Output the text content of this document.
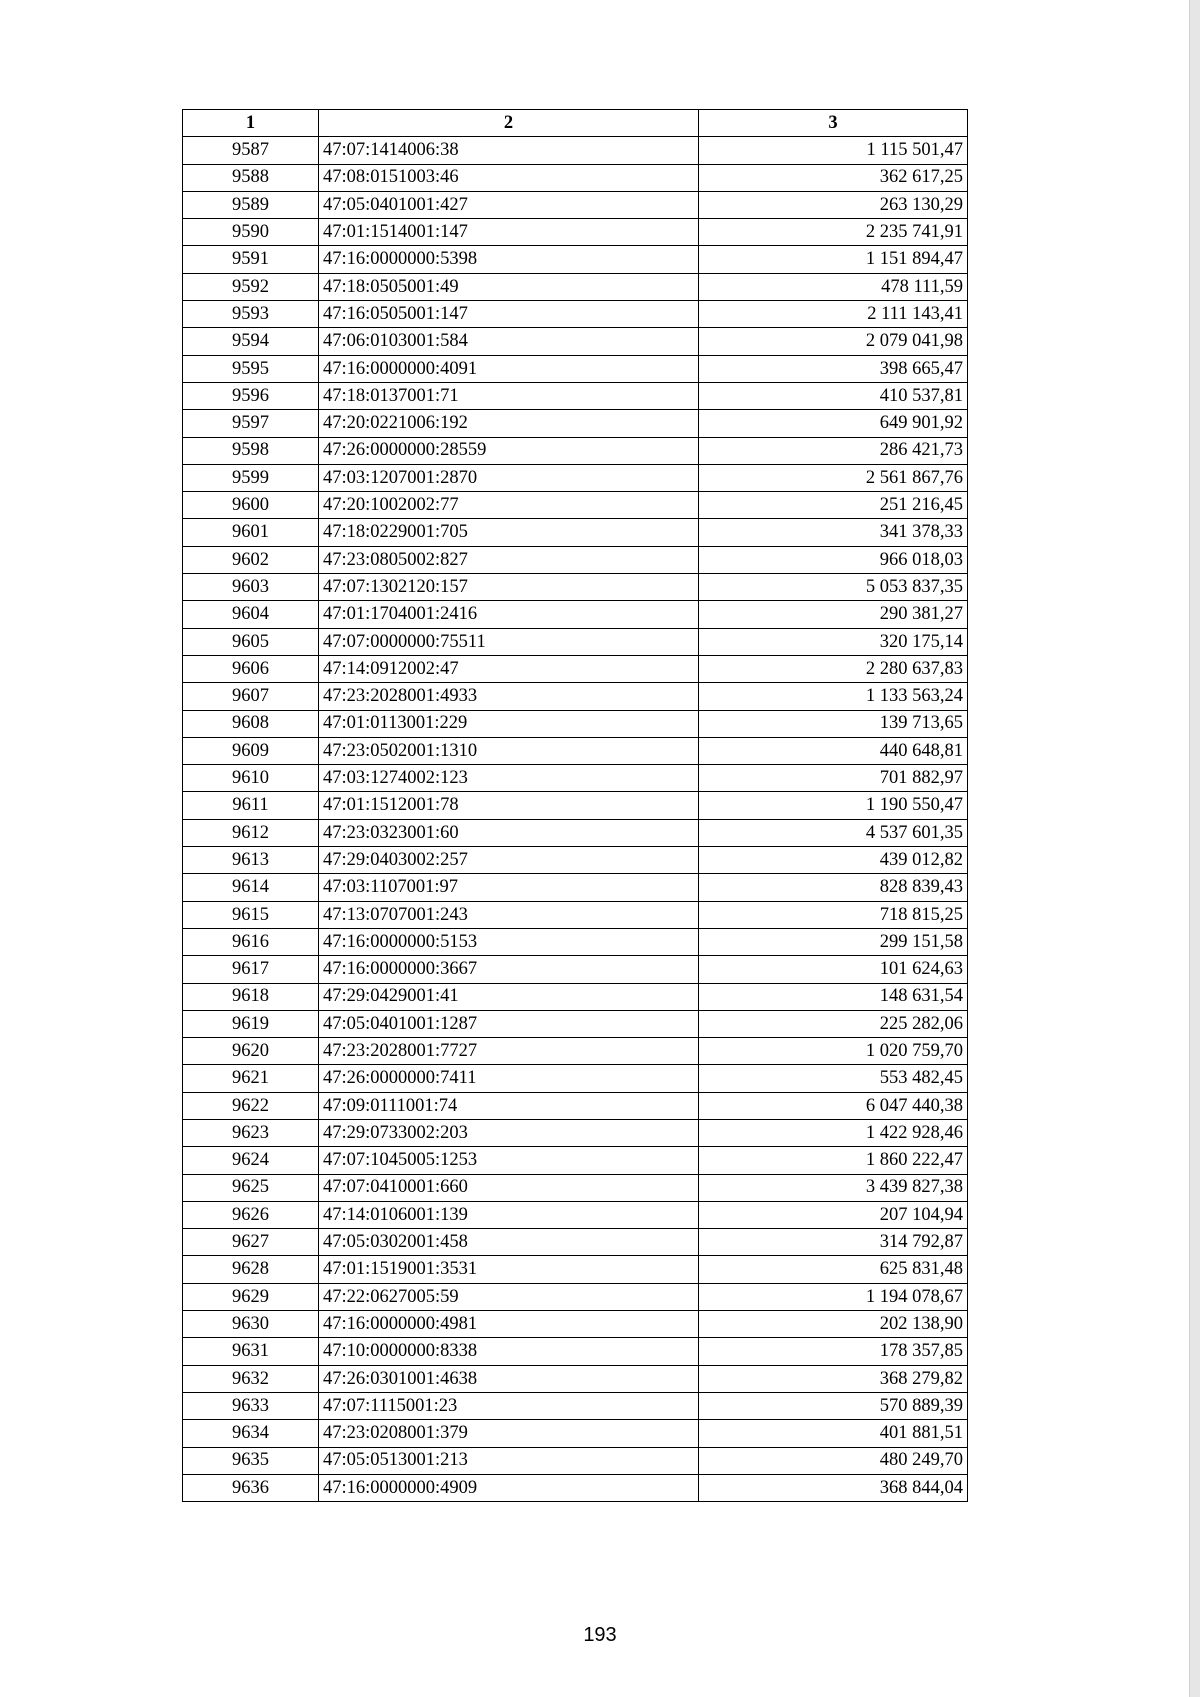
1	2	3
9587	47:07:1414006:38	1 115 501,47
9588	47:08:0151003:46	362 617,25
9589	47:05:0401001:427	263 130,29
9590	47:01:1514001:147	2 235 741,91
9591	47:16:0000000:5398	1 151 894,47
9592	47:18:0505001:49	478 111,59
9593	47:16:0505001:147	2 111 143,41
9594	47:06:0103001:584	2 079 041,98
9595	47:16:0000000:4091	398 665,47
9596	47:18:0137001:71	410 537,81
9597	47:20:0221006:192	649 901,92
9598	47:26:0000000:28559	286 421,73
9599	47:03:1207001:2870	2 561 867,76
9600	47:20:1002002:77	251 216,45
9601	47:18:0229001:705	341 378,33
9602	47:23:0805002:827	966 018,03
9603	47:07:1302120:157	5 053 837,35
9604	47:01:1704001:2416	290 381,27
9605	47:07:0000000:75511	320 175,14
9606	47:14:0912002:47	2 280 637,83
9607	47:23:2028001:4933	1 133 563,24
9608	47:01:0113001:229	139 713,65
9609	47:23:0502001:1310	440 648,81
9610	47:03:1274002:123	701 882,97
9611	47:01:1512001:78	1 190 550,47
9612	47:23:0323001:60	4 537 601,35
9613	47:29:0403002:257	439 012,82
9614	47:03:1107001:97	828 839,43
9615	47:13:0707001:243	718 815,25
9616	47:16:0000000:5153	299 151,58
9617	47:16:0000000:3667	101 624,63
9618	47:29:0429001:41	148 631,54
9619	47:05:0401001:1287	225 282,06
9620	47:23:2028001:7727	1 020 759,70
9621	47:26:0000000:7411	553 482,45
9622	47:09:0111001:74	6 047 440,38
9623	47:29:0733002:203	1 422 928,46
9624	47:07:1045005:1253	1 860 222,47
9625	47:07:0410001:660	3 439 827,38
9626	47:14:0106001:139	207 104,94
9627	47:05:0302001:458	314 792,87
9628	47:01:1519001:3531	625 831,48
9629	47:22:0627005:59	1 194 078,67
9630	47:16:0000000:4981	202 138,90
9631	47:10:0000000:8338	178 357,85
9632	47:26:0301001:4638	368 279,82
9633	47:07:1115001:23	570 889,39
9634	47:23:0208001:379	401 881,51
9635	47:05:0513001:213	480 249,70
9636	47:16:0000000:4909	368 844,04
193
